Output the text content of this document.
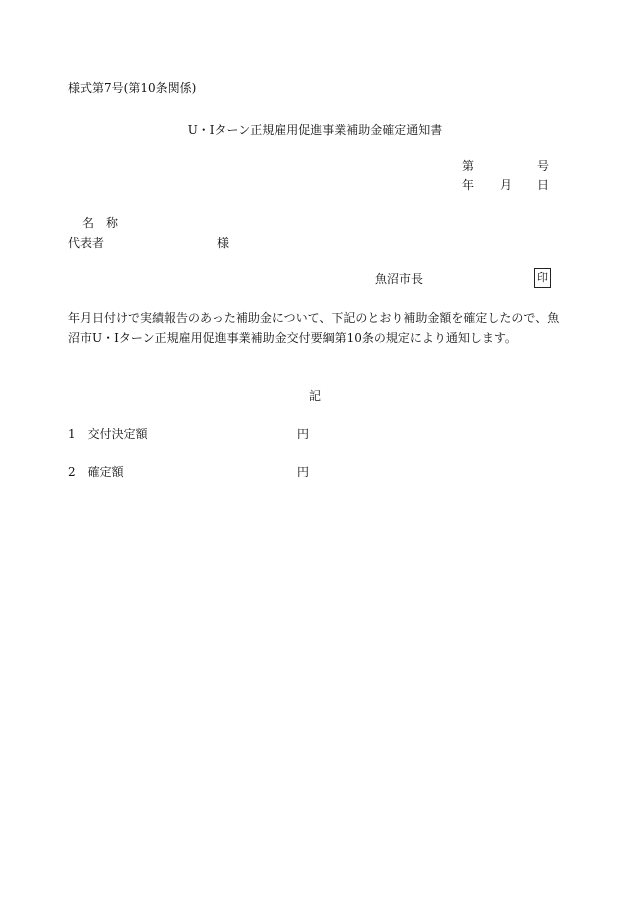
様式第7号(第10条関係)
U・Iターン正規雇用促進事業補助金確定通知書
第	号
年 月 日
名　称
代表者	様
魚沼市長	印
年月日付けで実績報告のあった補助金について、下記のとおり補助金額を確定したので、魚沼市U・Iターン正規雇用促進事業補助金交付要綱第10条の規定により通知します。
記
1　交付決定額	円
2　確定額	円
